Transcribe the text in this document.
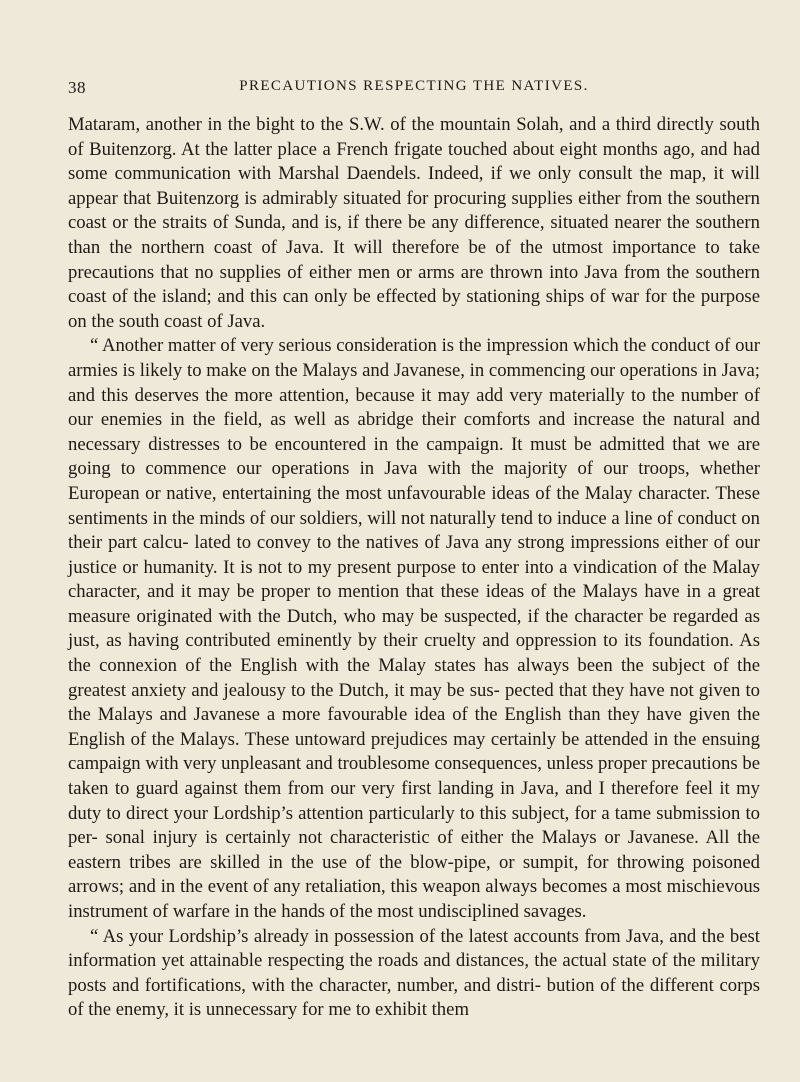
38	PRECAUTIONS RESPECTING THE NATIVES.

Mataram, another in the bight to the S.W. of the mountain Solah, and a third directly south of Buitenzorg. At the latter place a French frigate touched about eight months ago, and had some communication with Marshal Daendels. Indeed, if we only consult the map, it will appear that Buitenzorg is admirably situated for procuring supplies either from the southern coast or the straits of Sunda, and is, if there be any difference, situated nearer the southern than the northern coast of Java. It will therefore be of the utmost importance to take precautions that no supplies of either men or arms are thrown into Java from the southern coast of the island; and this can only be effected by stationing ships of war for the purpose on the south coast of Java.

“ Another matter of very serious consideration is the impression which the conduct of our armies is likely to make on the Malays and Javanese, in commencing our operations in Java; and this deserves the more attention, because it may add very materially to the number of our enemies in the field, as well as abridge their comforts and increase the natural and necessary distresses to be encountered in the campaign. It must be admitted that we are going to commence our operations in Java with the majority of our troops, whether European or native, entertaining the most unfavourable ideas of the Malay character. These sentiments in the minds of our soldiers, will not naturally tend to induce a line of conduct on their part calcu- lated to convey to the natives of Java any strong impressions either of our justice or humanity. It is not to my present purpose to enter into a vindication of the Malay character, and it may be proper to mention that these ideas of the Malays have in a great measure originated with the Dutch, who may be suspected, if the character be regarded as just, as having contributed eminently by their cruelty and oppression to its foundation. As the connexion of the English with the Malay states has always been the subject of the greatest anxiety and jealousy to the Dutch, it may be sus- pected that they have not given to the Malays and Javanese a more favourable idea of the English than they have given the English of the Malays. These untoward prejudices may certainly be attended in the ensuing campaign with very unpleasant and troublesome consequences, unless proper precautions be taken to guard against them from our very first landing in Java, and I therefore feel it my duty to direct your Lordship’s attention particularly to this subject, for a tame submission to per- sonal injury is certainly not characteristic of either the Malays or Javanese. All the eastern tribes are skilled in the use of the blow-pipe, or sumpit, for throwing poisoned arrows; and in the event of any retaliation, this weapon always becomes a most mischievous instrument of warfare in the hands of the most undisciplined savages.

“ As your Lordship’s already in possession of the latest accounts from Java, and the best information yet attainable respecting the roads and distances, the actual state of the military posts and fortifications, with the character, number, and distri- bution of the different corps of the enemy, it is unnecessary for me to exhibit them
